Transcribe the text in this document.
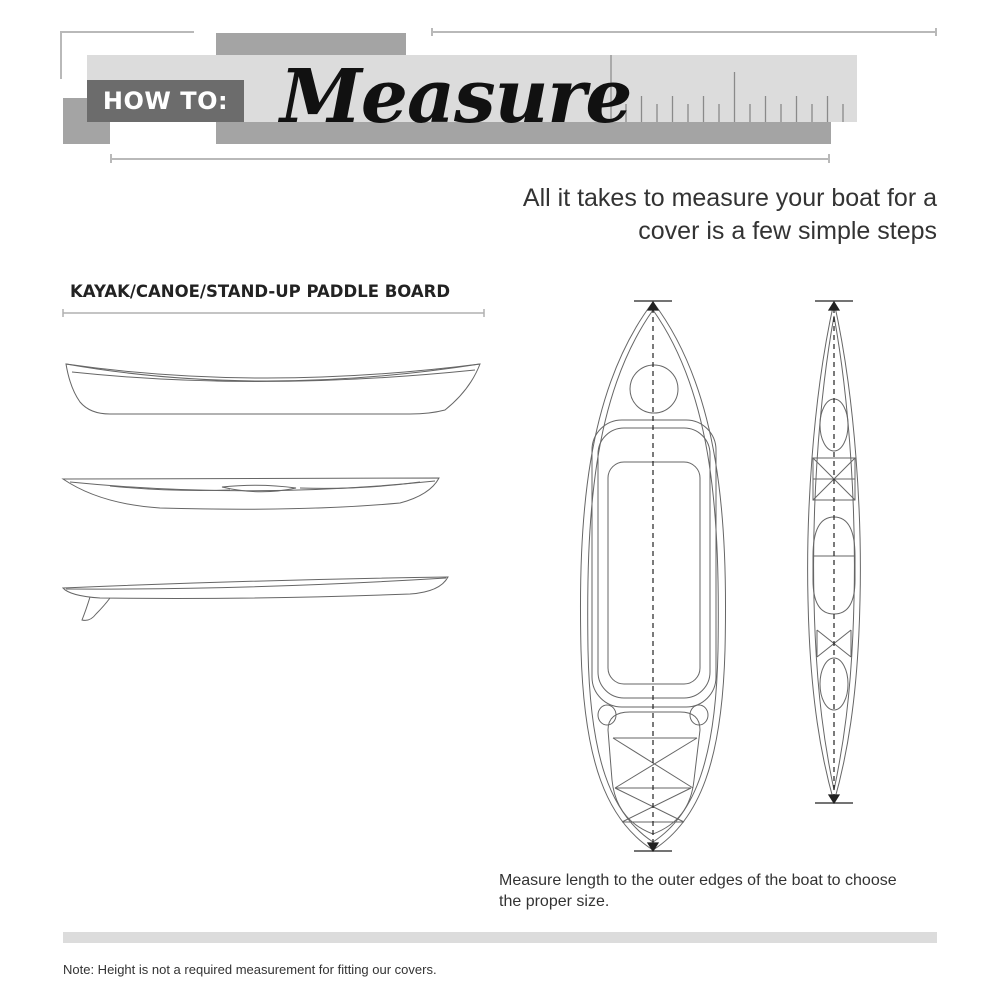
HOW TO: Measure
All it takes to measure your boat for a cover is a few simple steps
KAYAK/CANOE/STAND-UP PADDLE BOARD
Measure length to the outer edges of the boat to choose the proper size.
Note: Height is not a required measurement for fitting our covers.
